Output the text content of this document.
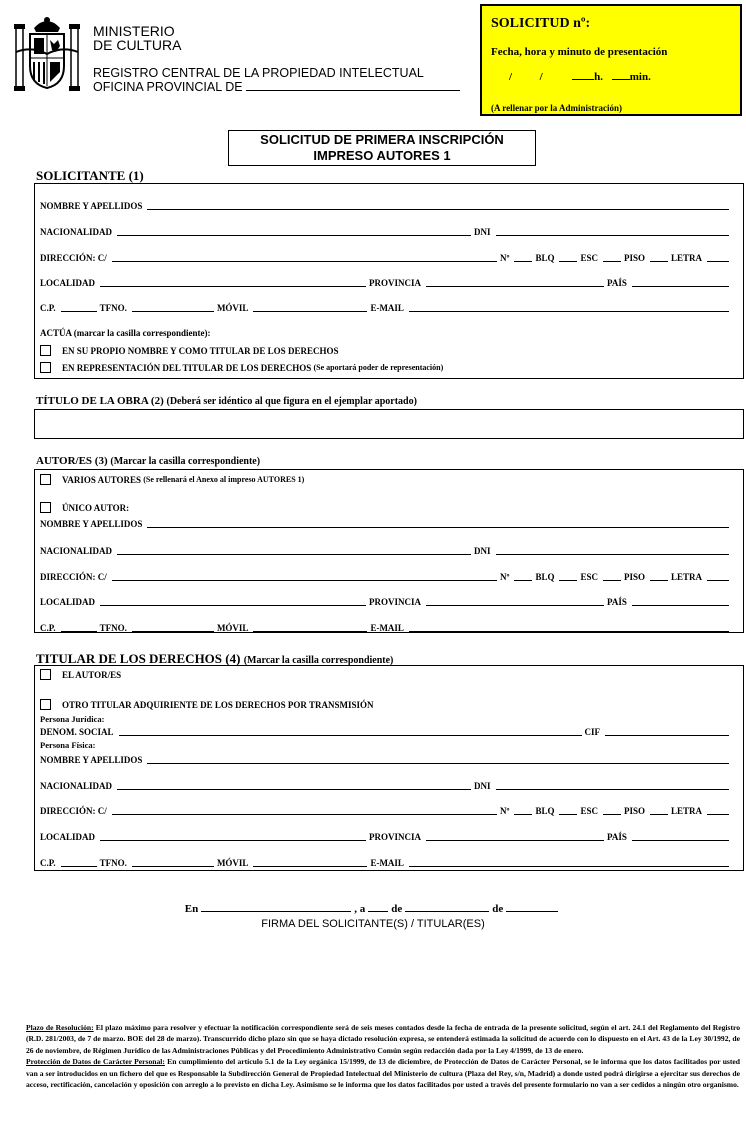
MINISTERIO
DE CULTURA
REGISTRO CENTRAL DE LA PROPIEDAD INTELECTUAL
OFICINA PROVINCIAL DE
SOLICITUD nº:
Fecha, hora y minuto de presentación
/	/	h. min.
(A rellenar por la Administración)
SOLICITUD DE PRIMERA INSCRIPCIÓN
IMPRESO AUTORES 1
SOLICITANTE (1)
NOMBRE Y APELLIDOS
NACIONALIDAD	DNI
DIRECCIÓN: C/	Nº	BLQ	ESC	PISO	LETRA
LOCALIDAD	PROVINCIA	PAÍS
C.P.	TFNO.	MÓVIL	E-MAIL
ACTÚA (marcar la casilla correspondiente):
EN SU PROPIO NOMBRE Y COMO TITULAR DE LOS DERECHOS
EN REPRESENTACIÓN DEL TITULAR DE LOS DERECHOS
(Se aportará poder de representación)
TÍTULO DE LA OBRA (2) (Deberá ser idéntico al que figura en el ejemplar aportado)
AUTOR/ES (3) (Marcar la casilla correspondiente)
VARIOS AUTORES
(Se rellenará el Anexo al impreso AUTORES 1)
ÚNICO AUTOR:
NOMBRE Y APELLIDOS
NACIONALIDAD	DNI
DIRECCIÓN: C/	Nº	BLQ	ESC	PISO	LETRA
LOCALIDAD	PROVINCIA	PAÍS
C.P.	TFNO.	MÓVIL	E-MAIL
TITULAR DE LOS DERECHOS (4) (Marcar la casilla correspondiente)
EL AUTOR/ES
OTRO TITULAR ADQUIRIENTE DE LOS DERECHOS POR TRANSMISIÓN
Persona Jurídica:
DENOM. SOCIAL	CIF
Persona Física:
NOMBRE Y APELLIDOS
NACIONALIDAD	DNI
DIRECCIÓN: C/	Nº	BLQ	ESC	PISO	LETRA
LOCALIDAD	PROVINCIA	PAÍS
C.P.	TFNO.	MÓVIL	E-MAIL
En	, a de	de
FIRMA DEL SOLICITANTE(S) / TITULAR(ES)

Plazo de Resolución: El plazo máximo para resolver y efectuar la notificación correspondiente será de seis meses contados desde la fecha de entrada de la presente solicitud, según el art. 24.1 del Reglamento del Registro (R.D. 281/2003, de 7 de marzo. BOE del 28 de marzo). Transcurrido dicho plazo sin que se haya dictado resolución expresa, se entenderá estimada la solicitud de acuerdo con lo dispuesto en el Art. 43 de la Ley 30/1992, de 26 de noviembre, de Régimen Jurídico de las Administraciones Públicas y del Procedimiento Administrativo Común según redacción dada por la Ley 4/1999, de 13 de enero.

Protección de Datos de Carácter Personal: En cumplimiento del artículo 5.1 de la Ley orgánica 15/1999, de 13 de diciembre, de Protección de Datos de Carácter Personal, se le informa que los datos facilitados por usted van a ser introducidos en un fichero del que es Responsable la Subdirección General de Propiedad Intelectual del Ministerio de cultura (Plaza del Rey, s/n, Madrid) a donde usted podrá dirigirse a ejercitar sus derechos de acceso, rectificación, cancelación y oposición con arreglo a lo previsto en dicha Ley. Asimismo se le informa que los datos facilitados por usted a través del presente formulario no van a ser cedidos a ningún otro organismo.
